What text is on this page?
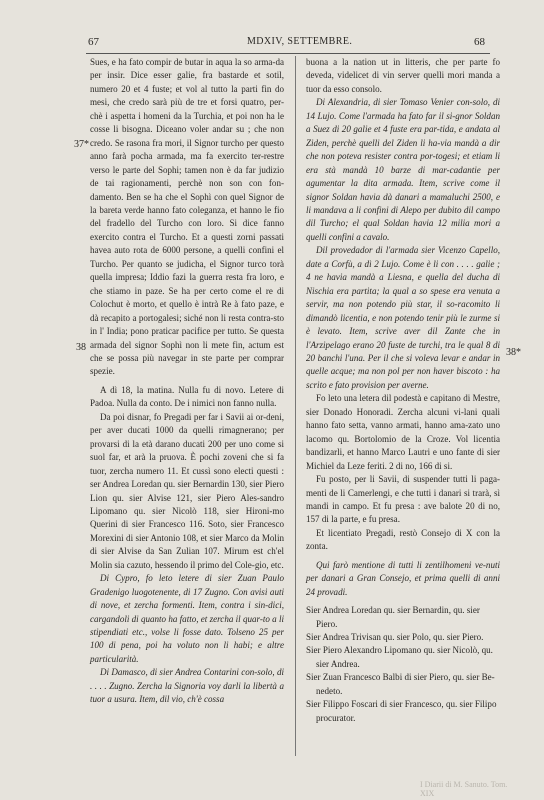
67	MDXIV, SETTEMBRE.	68
37*
38	38*

Sues, e ha fato compir de butar in aqua la so arma-da per insir. Dice esser galie, fra bastarde et sotil, numero 20 et 4 fuste; et vol al tutto la parti fin do mesi, che credo sarà più de tre et forsi quatro, per-chè i aspetta i homeni da la Turchia, et poi non ha le cosse li bisogna. Diceano voler andar su ; che non credo. Se rasona fra mori, il Signor turcho per questo anno farà pocha armada, ma fa exercito ter-restre verso le parte del Sophi; tamen non è da far judizio de tai ragionamenti, perchè non son con fon-damento. Ben se ha che el Sophì con quel Signor de la bareta verde hanno fato coleganza, et hanno le fio del fradello del Turcho con loro. Si dice fanno exercito contra el Turcho. Et a questi zorni passati havea auto rota de 6000 persone, a quelli confini el Turcho. Per quanto se judicha, el Signor turco torà quella impresa; Iddio fazi la guerra resta fra loro, e che stiamo in paze. Se ha per certo come el re di Colochut è morto, et quello è intrà Re à fato paze, e dà recapito a portogalesi; siché non li resta contra-sto in l' India; pono praticar pacifice per tutto. Se questa armada del signor Sophì non li mete fin, actum est che se possa più navegar in ste parte per comprar spezie.

A dì 18, la matina. Nulla fu di novo. Letere di Padoa. Nulla da conto. De i nimici non fanno nulla.

Da poi disnar, fo Pregadi per far i Savii ai or-deni, per aver ducati 1000 da quelli rimagnerano; per provarsi di la età darano ducati 200 per uno come si suol far, et arà la pruova. È pochi zoveni che si fa tuor, zercha numero 11. Et cussì sono electi questi : ser Andrea Loredan qu. sier Bernardin 130, sier Piero Lion qu. sier Alvise 121, sier Piero Ales-sandro Lipomano qu. sier Nicolò 118, sier Hironi-mo Querini di sier Francesco 116. Soto, sier Francesco Morexini di sier Antonio 108, et sier Marco da Molin di sier Alvise da San Zulian 107. Mirum est ch'el Molin sia cazuto, hessendo il primo del Cole-gio, etc.

Di Cypro, fo leto letere di sier Zuan Paulo Gradenigo luogotenente, di 17 Zugno. Con avisi auti di nove, et zercha formenti. Item, contra i sin-dici, cargandoli di quanto ha fatto, et zercha il quar-to a li stipendiati etc., volse li fosse dato. Tolseno 25 per 100 di pena, poi ha voluto non li habi; e altre particularità.

Di Damasco, di sier Andrea Contarini con-solo, di . . . . Zugno. Zercha la Signoria voy darli la libertà a tuor a usura. Item, dil vio, ch'è cossa

buona a la nation ut in litteris, che per parte fo deveda, videlicet di vin server quelli mori manda a tuor da esso consolo.

Di Alexandria, di sier Tomaso Venier con-solo, di 14 Lujo. Come l'armada ha fato far il si-gnor Soldan a Suez di 20 galie et 4 fuste era par-tida, e andata al Ziden, perchè quelli del Ziden li ha-via mandà a dir che non poteva resister contra por-togesi; et etiam li era stà mandà 10 barze di mar-cadantie per agumentar la dita armada. Item, scrive come il signor Soldan havia dà danari a mamaluchi 2500, e li mandava a li confini di Alepo per dubito dil campo dil Turcho; el qual Soldan havia 12 milia mori a quelli confini a cavalo.

Dil provedador di l'armada sier Vicenzo Capello, date a Corfù, a dì 2 Lujo. Come è li con . . . . galie ; 4 ne havia mandà a Liesna, e quella del ducha di Nischia era partita; la qual a so spese era venuta a servir, ma non potendo più star, il so-racomito li dimandò licentia, e non potendo tenir più le zurme si è levato. Item, scrive aver dil Zante che in l'Arzipelago erano 20 fuste de turchi, tra le qual 8 di 20 banchi l'una. Per il che si voleva levar e andar in quelle acque; ma non pol per non haver biscoto : ha scrito e fato provision per averne.

Fo leto una letera dil podestà e capitano di Mestre, sier Donado Honoradi. Zercha alcuni vi-lani quali hanno fato setta, vanno armati, hanno ama-zato uno lacomo qu. Bortolomio de la Croze. Vol licentia bandizarli, et hanno Marco Lautri e uno fante di sier Michiel da Leze feriti. 2 di no, 166 di si.

Fu posto, per li Savii, di suspender tutti li paga-menti de li Camerlengi, e che tutti i danari si trarà, sì mandi in campo. Et fu presa : ave balote 20 di no, 157 di la parte, e fu presa.

Et licentiato Pregadi, restò Consejo di X con la zonta.

Qui farò mentione di tutti li zentilhomeni ve-nuti per danari a Gran Consejo, et prima quelli di anni 24 provadi.

Sier Andrea Loredan qu. sier Bernardin, qu. sier Piero.

Sier Andrea Trivisan qu. sier Polo, qu. sier Piero.

Sier Piero Alexandro Lipomano qu. sier Nicolò, qu. sier Andrea.

Sier Zuan Francesco Balbi di sier Piero, qu. sier Be-nedeto.

Sier Filippo Foscari di sier Francesco, qu. sier Filipo procurator.

I Diarii di M. Sanuto. Tom. XIX
